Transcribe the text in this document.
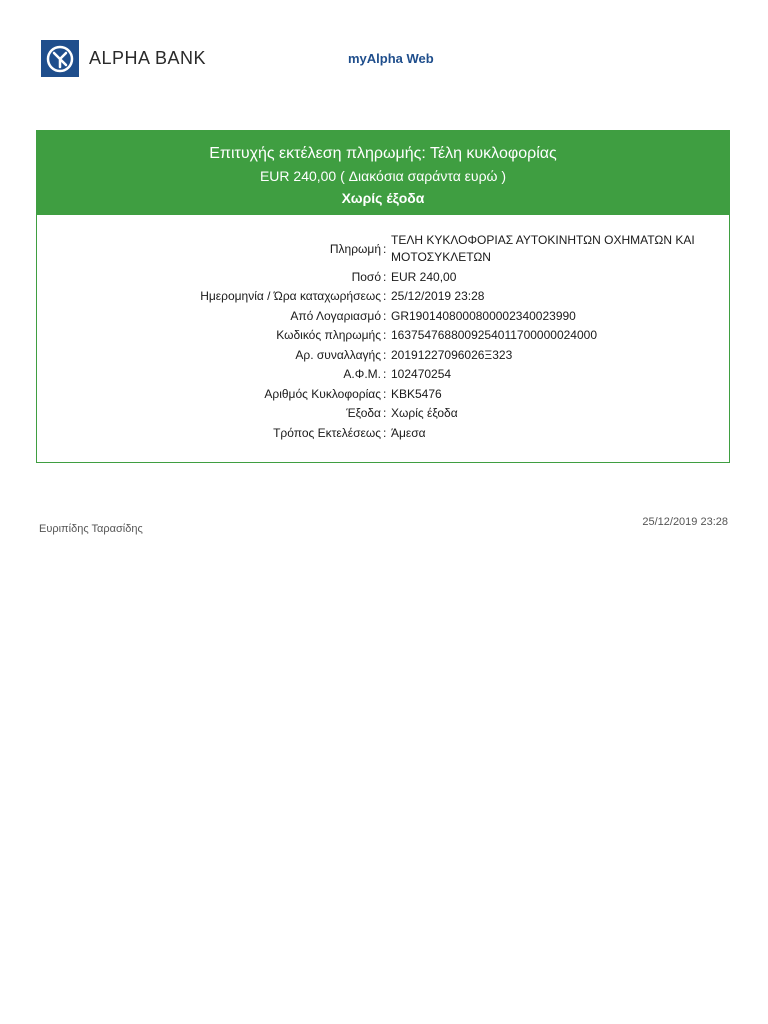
ALPHA BANK	myAlpha Web
Επιτυχής εκτέλεση πληρωμής: Τέλη κυκλοφορίας
EUR 240,00 ( Διακόσια σαράντα ευρώ )
Χωρίς έξοδα
Πληρωμή :
ΤΕΛΗ ΚΥΚΛΟΦΟΡΙΑΣ ΑΥΤΟΚΙΝΗΤΩΝ ΟΧΗΜΑΤΩΝ ΚΑΙ ΜΟΤΟΣΥΚΛΕΤΩΝ
Ποσό : EUR 240,00
Ημερομηνία / Ώρα καταχωρήσεως : 25/12/2019 23:28
Από Λογαριασμό : GR1901408000800002340023990
Κωδικός πληρωμής : 1637547688009254011700000024000
Αρ. συναλλαγής : 20191227096026Ξ323
Α.Φ.Μ. : 102470254
Αριθμός Κυκλοφορίας : ΚΒΚ5476
Έξοδα : Χωρίς έξοδα
Τρόπος Εκτελέσεως : Άμεσα
Ευριπίδης Ταρασίδης
25/12/2019 23:28
